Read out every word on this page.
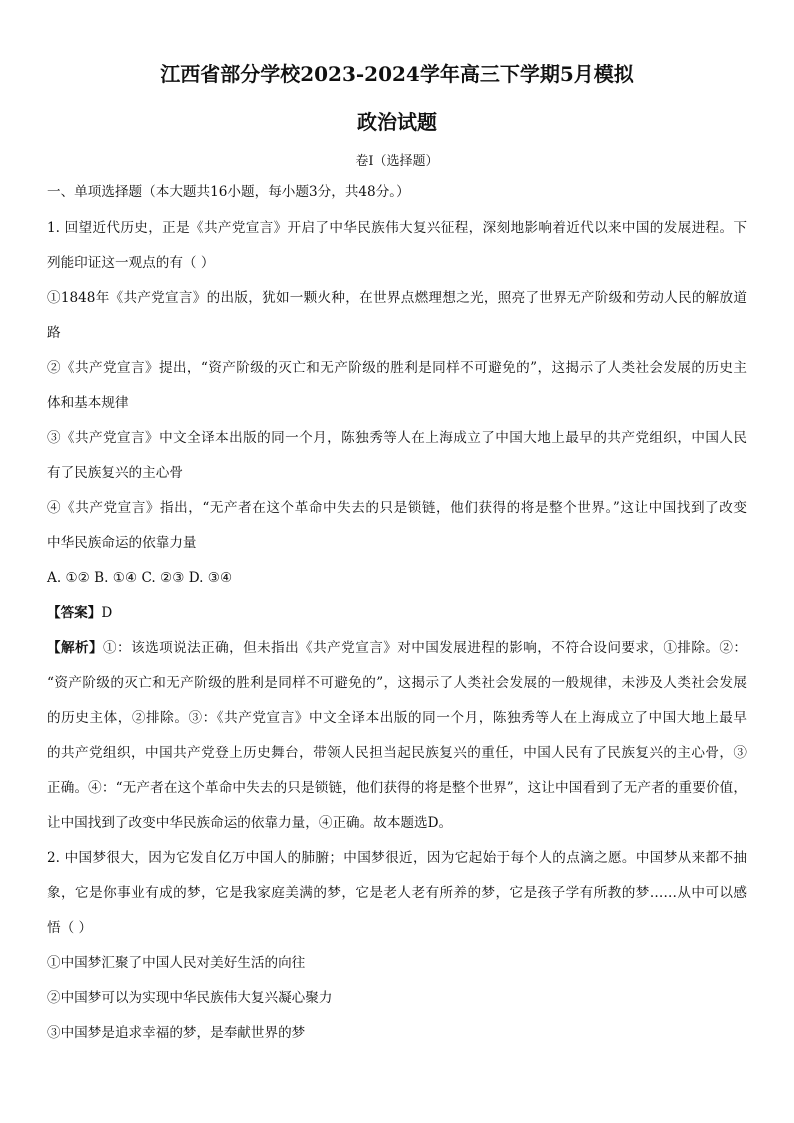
江西省部分学校2023-2024学年高三下学期5月模拟
政治试题
卷Ⅰ（选择题）
一、单项选择题（本大题共16小题，每小题3分，共48分。）
1. 回望近代历史，正是《共产党宣言》开启了中华民族伟大复兴征程，深刻地影响着近代以来中国的发展进程。下
列能印证这一观点的有（ ）
①1848年《共产党宣言》的出版，犹如一颗火种，在世界点燃理想之光，照亮了世界无产阶级和劳动人民的解放道
路
②《共产党宣言》提出，“资产阶级的灭亡和无产阶级的胜利是同样不可避免的”，这揭示了人类社会发展的历史主
体和基本规律
③《共产党宣言》中文全译本出版的同一个月，陈独秀等人在上海成立了中国大地上最早的共产党组织，中国人民
有了民族复兴的主心骨
④《共产党宣言》指出，“无产者在这个革命中失去的只是锁链，他们获得的将是整个世界。”这让中国找到了改变
中华民族命运的依靠力量
A. ①② B. ①④ C. ②③ D. ③④
【答案】D
【解析】①：该选项说法正确，但未指出《共产党宣言》对中国发展进程的影响，不符合设问要求，①排除。②：
“资产阶级的灭亡和无产阶级的胜利是同样不可避免的”，这揭示了人类社会发展的一般规律，未涉及人类社会发展
的历史主体，②排除。③：《共产党宣言》中文全译本出版的同一个月，陈独秀等人在上海成立了中国大地上最早
的共产党组织，中国共产党登上历史舞台，带领人民担当起民族复兴的重任，中国人民有了民族复兴的主心骨，③
正确。④：“无产者在这个革命中失去的只是锁链，他们获得的将是整个世界”，这让中国看到了无产者的重要价值，
让中国找到了改变中华民族命运的依靠力量，④正确。故本题选D。
2. 中国梦很大，因为它发自亿万中国人的肺腑；中国梦很近，因为它起始于每个人的点滴之愿。中国梦从来都不抽
象，它是你事业有成的梦，它是我家庭美满的梦，它是老人老有所养的梦，它是孩子学有所教的梦……从中可以感
悟（ ）
①中国梦汇聚了中国人民对美好生活的向往
②中国梦可以为实现中华民族伟大复兴凝心聚力
③中国梦是追求幸福的梦，是奉献世界的梦
